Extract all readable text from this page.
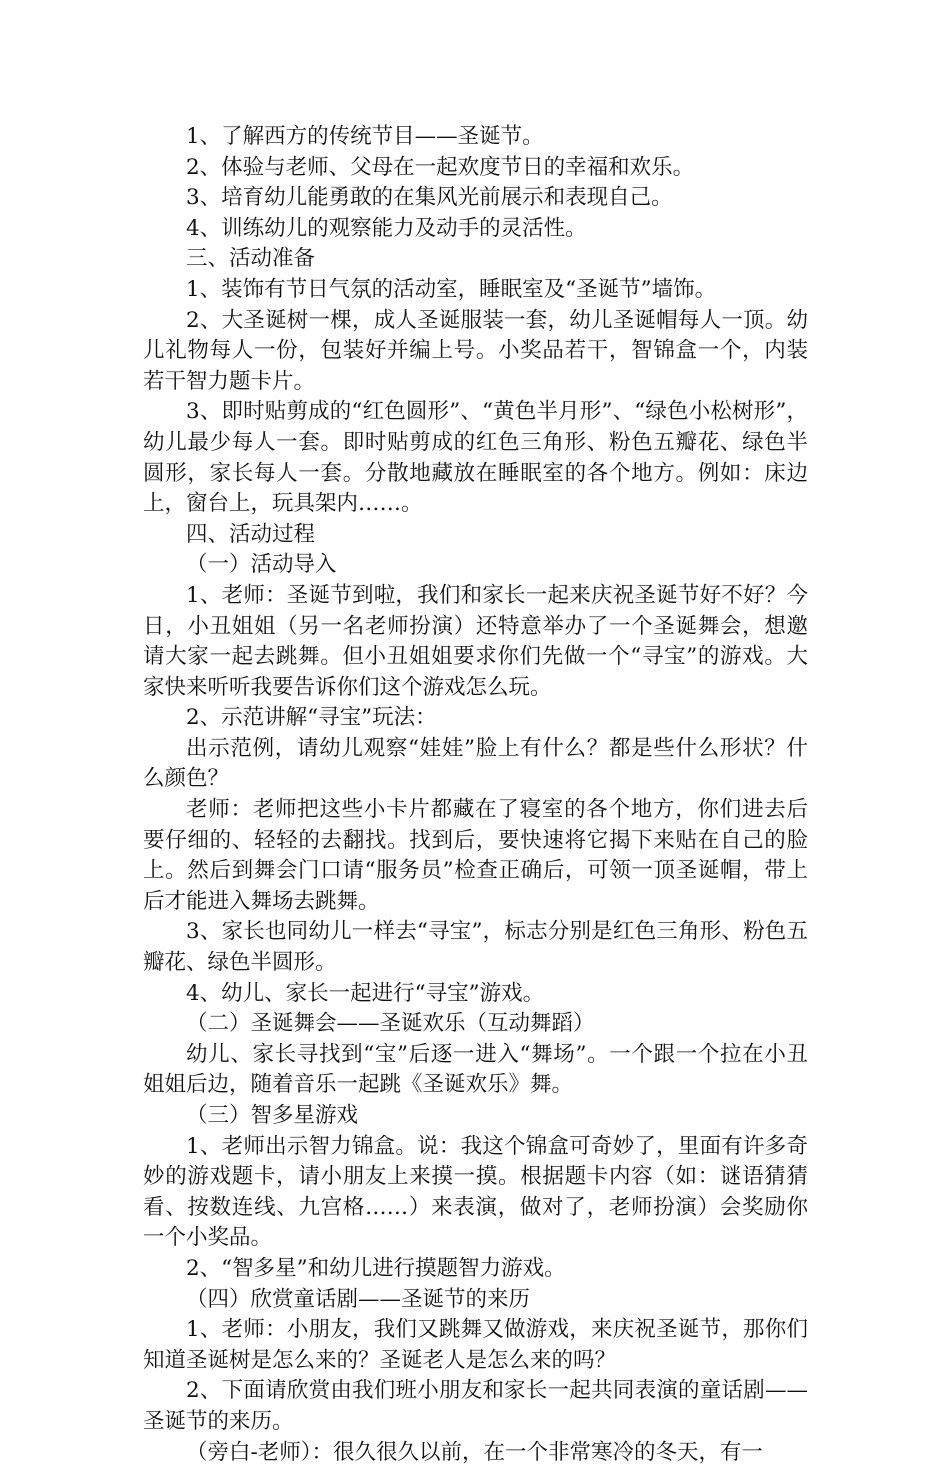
1、了解西方的传统节目——圣诞节。

2、体验与老师、父母在一起欢度节日的幸福和欢乐。

3、培育幼儿能勇敢的在集风光前展示和表现自己。

4、训练幼儿的观察能力及动手的灵活性。

三、活动准备

1、装饰有节日气氛的活动室，睡眠室及“圣诞节”墙饰。

2、大圣诞树一棵，成人圣诞服装一套，幼儿圣诞帽每人一顶。幼儿礼物每人一份，包装好并编上号。小奖品若干，智锦盒一个，内装若干智力题卡片。

3、即时贴剪成的“红色圆形”、“黄色半月形”、“绿色小松树形”，幼儿最少每人一套。即时贴剪成的红色三角形、粉色五瓣花、绿色半圆形，家长每人一套。分散地藏放在睡眠室的各个地方。例如：床边上，窗台上，玩具架内……。

四、活动过程

（一）活动导入

1、老师：圣诞节到啦，我们和家长一起来庆祝圣诞节好不好？今日，小丑姐姐（另一名老师扮演）还特意举办了一个圣诞舞会，想邀请大家一起去跳舞。但小丑姐姐要求你们先做一个“寻宝”的游戏。大家快来听听我要告诉你们这个游戏怎么玩。

2、示范讲解“寻宝”玩法：

出示范例，请幼儿观察“娃娃”脸上有什么？都是些什么形状？什么颜色？

老师：老师把这些小卡片都藏在了寝室的各个地方，你们进去后要仔细的、轻轻的去翻找。找到后，要快速将它揭下来贴在自己的脸上。然后到舞会门口请“服务员”检查正确后，可领一顶圣诞帽，带上后才能进入舞场去跳舞。

3、家长也同幼儿一样去“寻宝”，标志分别是红色三角形、粉色五瓣花、绿色半圆形。

4、幼儿、家长一起进行“寻宝”游戏。

（二）圣诞舞会——圣诞欢乐（互动舞蹈）

幼儿、家长寻找到“宝”后逐一进入“舞场”。一个跟一个拉在小丑姐姐后边，随着音乐一起跳《圣诞欢乐》舞。

（三）智多星游戏

1、老师出示智力锦盒。说：我这个锦盒可奇妙了，里面有许多奇妙的游戏题卡，请小朋友上来摸一摸。根据题卡内容（如：谜语猜猜看、按数连线、九宫格……）来表演，做对了，老师扮演）会奖励你一个小奖品。

2、“智多星”和幼儿进行摸题智力游戏。

（四）欣赏童话剧——圣诞节的来历

1、老师：小朋友，我们又跳舞又做游戏，来庆祝圣诞节，那你们知道圣诞树是怎么来的？圣诞老人是怎么来的吗？

2、下面请欣赏由我们班小朋友和家长一起共同表演的童话剧——圣诞节的来历。

（旁白-老师）：很久很久以前，在一个非常寒冷的冬天，有一
